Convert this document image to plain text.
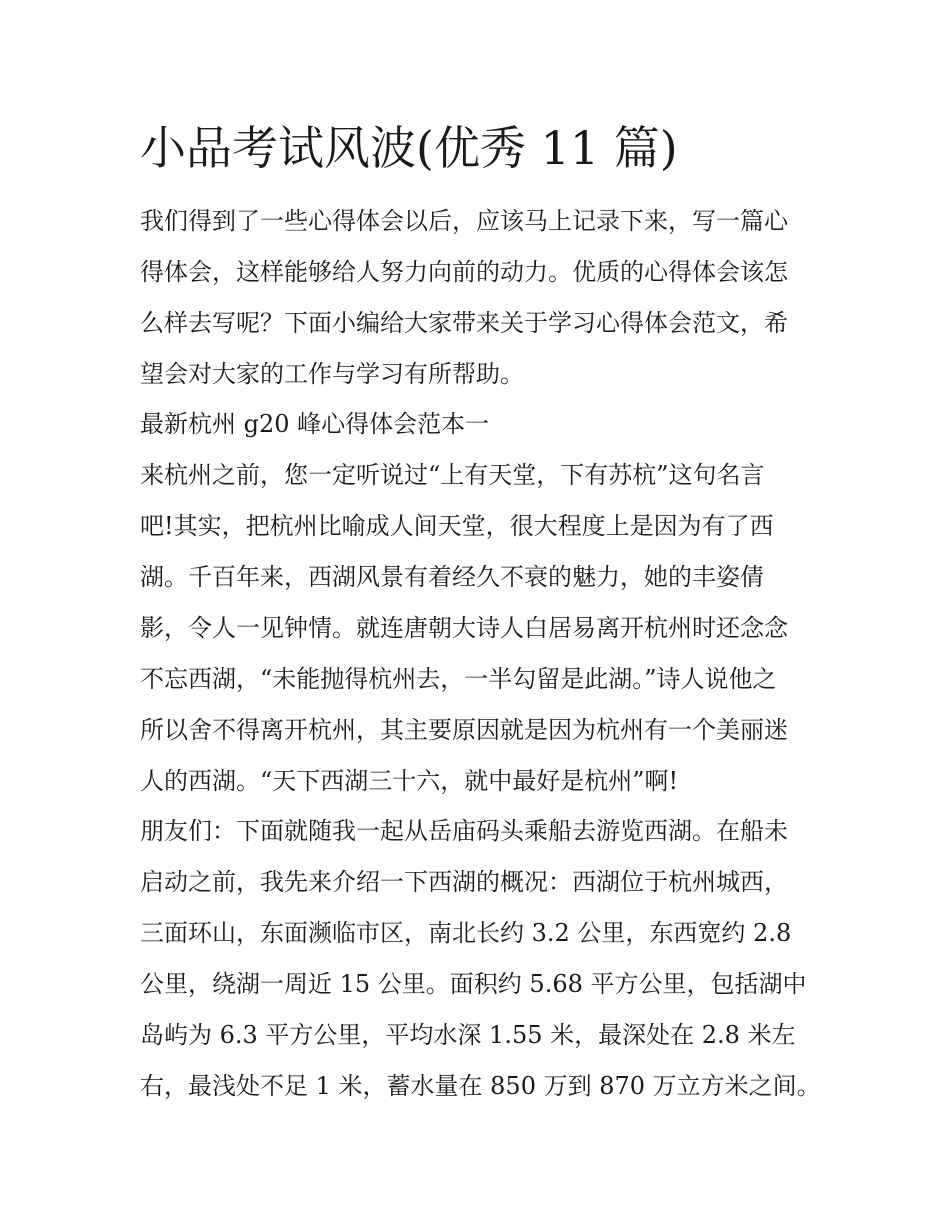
小品考试风波(优秀 11 篇)

我们得到了一些心得体会以后，应该马上记录下来，写一篇心

得体会，这样能够给人努力向前的动力。优质的心得体会该怎

么样去写呢？下面小编给大家带来关于学习心得体会范文，希

望会对大家的工作与学习有所帮助。

最新杭州 g20 峰心得体会范本一

来杭州之前，您一定听说过“上有天堂，下有苏杭”这句名言

吧!其实，把杭州比喻成人间天堂，很大程度上是因为有了西

湖。千百年来，西湖风景有着经久不衰的魅力，她的丰姿倩

影，令人一见钟情。就连唐朝大诗人白居易离开杭州时还念念

不忘西湖，“未能抛得杭州去，一半勾留是此湖。”诗人说他之

所以舍不得离开杭州，其主要原因就是因为杭州有一个美丽迷

人的西湖。“天下西湖三十六，就中最好是杭州”啊!

朋友们：下面就随我一起从岳庙码头乘船去游览西湖。在船未

启动之前，我先来介绍一下西湖的概况：西湖位于杭州城西，

三面环山，东面濒临市区，南北长约 3.2 公里，东西宽约 2.8

公里，绕湖一周近 15 公里。面积约 5.68 平方公里，包括湖中

岛屿为 6.3 平方公里，平均水深 1.55 米，最深处在 2.8 米左

右，最浅处不足 1 米，蓄水量在 850 万到 870 万立方米之间。
